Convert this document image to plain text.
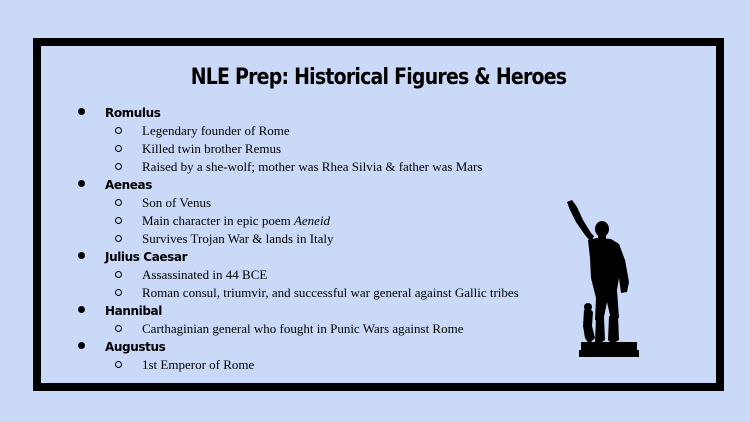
NLE Prep: Historical Figures & Heroes
Romulus
Legendary founder of Rome
Killed twin brother Remus
Raised by a she-wolf; mother was Rhea Silvia & father was Mars
Aeneas
Son of Venus
Main character in epic poem Aeneid
Survives Trojan War & lands in Italy
Julius Caesar
Assassinated in 44 BCE
Roman consul, triumvir, and successful war general against Gallic tribes
Hannibal
Carthaginian general who fought in Punic Wars against Rome
Augustus
1st Emperor of Rome
